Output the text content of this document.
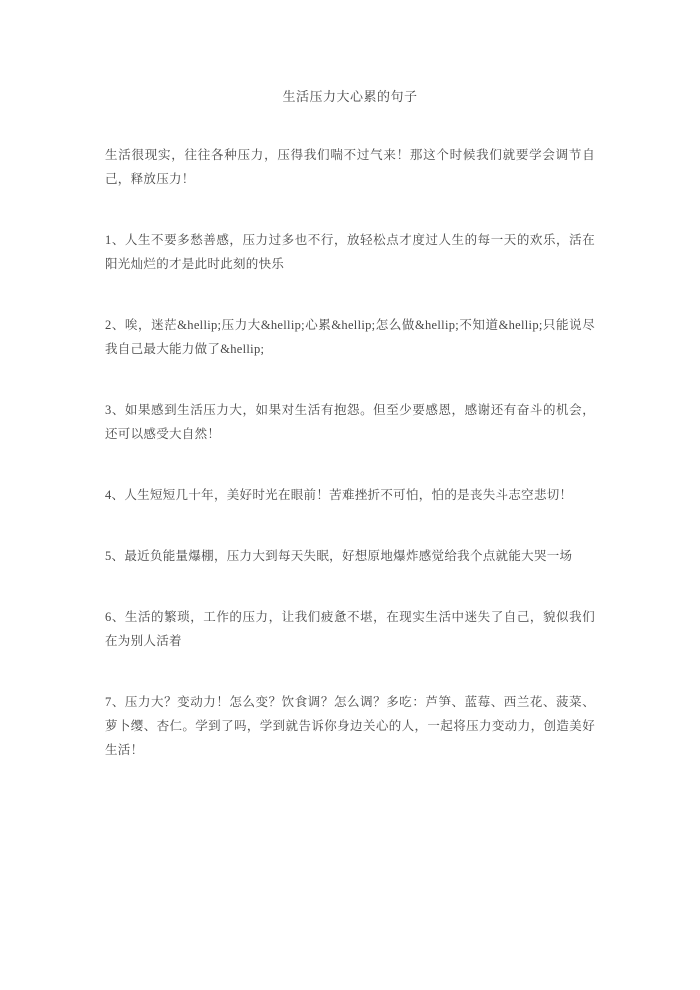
生活压力大心累的句子

生活很现实，往往各种压力，压得我们喘不过气来！那这个时候我们就要学会调节自己，释放压力！

1、人生不要多愁善感，压力过多也不行，放轻松点才度过人生的每一天的欢乐，活在阳光灿烂的才是此时此刻的快乐

2、唉，迷茫&hellip;压力大&hellip;心累&hellip;怎么做&hellip;不知道&hellip;只能说尽我自己最大能力做了&hellip;

3、如果感到生活压力大，如果对生活有抱怨。但至少要感恩，感谢还有奋斗的机会，还可以感受大自然！

4、人生短短几十年，美好时光在眼前！苦难挫折不可怕，怕的是丧失斗志空悲切！

5、最近负能量爆棚，压力大到每天失眠，好想原地爆炸感觉给我个点就能大哭一场

6、生活的繁琐，工作的压力，让我们疲惫不堪，在现实生活中迷失了自己，貌似我们在为别人活着

7、压力大？变动力！怎么变？饮食调？怎么调？多吃：芦笋、蓝莓、西兰花、菠菜、萝卜缨、杏仁。学到了吗，学到就告诉你身边关心的人，一起将压力变动力，创造美好生活！
